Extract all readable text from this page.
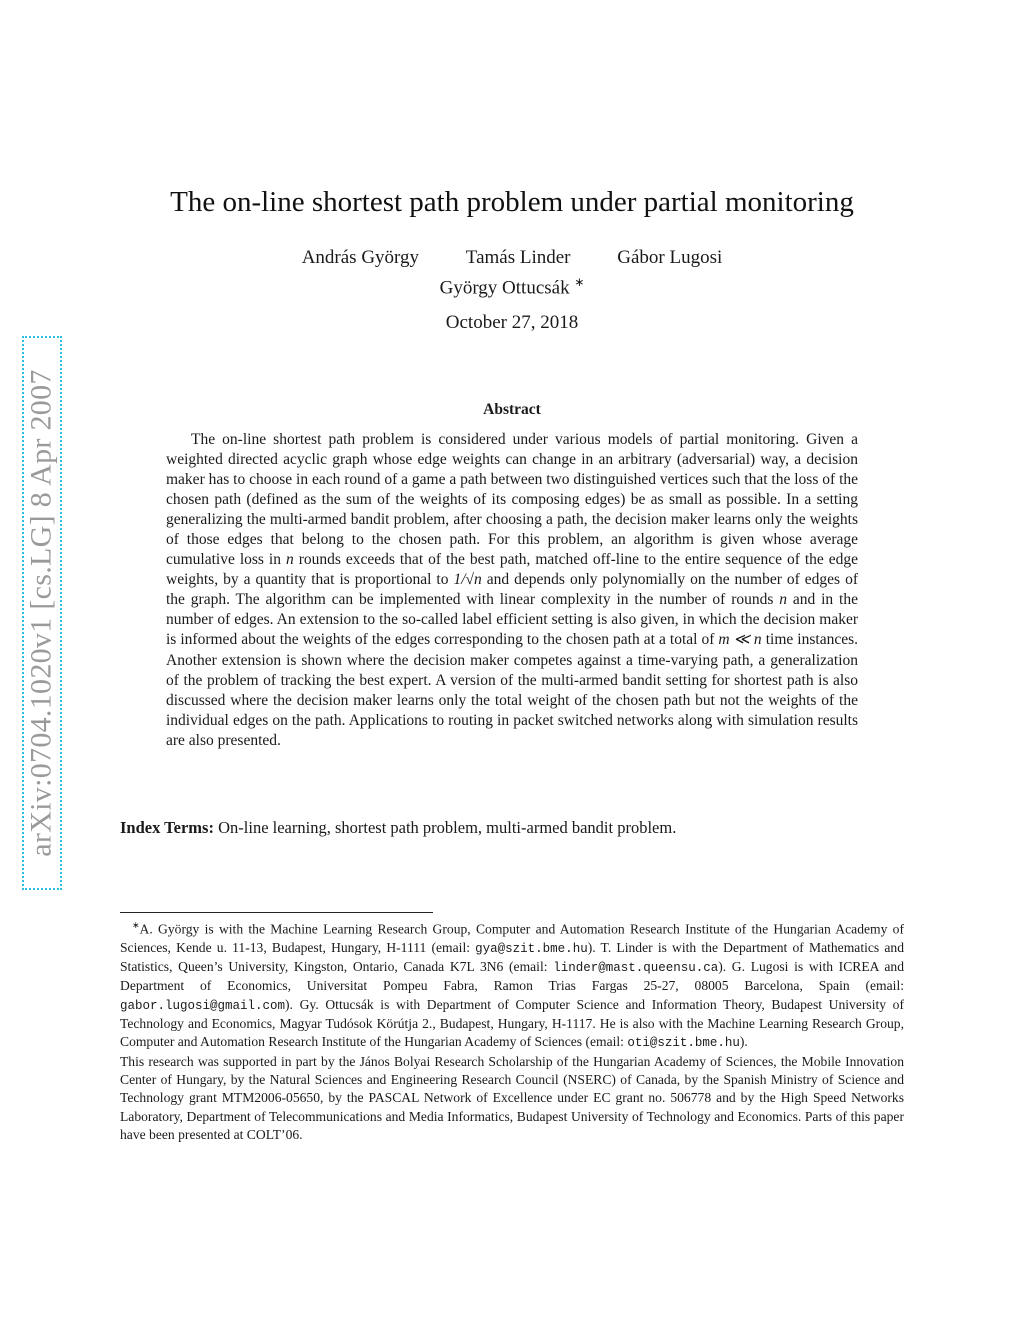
arXiv:0704.1020v1 [cs.LG] 8 Apr 2007
The on-line shortest path problem under partial monitoring
András György Tamás Linder Gábor Lugosi
György Ottucsák ∗
October 27, 2018
Abstract

The on-line shortest path problem is considered under various models of partial monitoring. Given a weighted directed acyclic graph whose edge weights can change in an arbitrary (adversarial) way, a decision maker has to choose in each round of a game a path between two distinguished vertices such that the loss of the chosen path (defined as the sum of the weights of its composing edges) be as small as possible. In a setting generalizing the multi-armed bandit problem, after choosing a path, the decision maker learns only the weights of those edges that belong to the chosen path. For this problem, an algorithm is given whose average cumulative loss in n rounds exceeds that of the best path, matched off-line to the entire sequence of the edge weights, by a quantity that is proportional to 1/√n and depends only polynomially on the number of edges of the graph. The algorithm can be implemented with linear complexity in the number of rounds n and in the number of edges. An extension to the so-called label efficient setting is also given, in which the decision maker is informed about the weights of the edges corresponding to the chosen path at a total of m ≪ n time instances. Another extension is shown where the decision maker competes against a time-varying path, a generalization of the problem of tracking the best expert. A version of the multi-armed bandit setting for shortest path is also discussed where the decision maker learns only the total weight of the chosen path but not the weights of the individual edges on the path. Applications to routing in packet switched networks along with simulation results are also presented.

Index Terms: On-line learning, shortest path problem, multi-armed bandit problem.

∗A. György is with the Machine Learning Research Group, Computer and Automation Research Institute of the Hungarian Academy of Sciences, Kende u. 11-13, Budapest, Hungary, H-1111 (email: gya@szit.bme.hu). T. Linder is with the Department of Mathematics and Statistics, Queen’s University, Kingston, Ontario, Canada K7L 3N6 (email: linder@mast.queensu.ca). G. Lugosi is with ICREA and Department of Economics, Universitat Pompeu Fabra, Ramon Trias Fargas 25-27, 08005 Barcelona, Spain (email: gabor.lugosi@gmail.com). Gy. Ottucsák is with Department of Computer Science and Information Theory, Budapest University of Technology and Economics, Magyar Tudósok Körútja 2., Budapest, Hungary, H-1117. He is also with the Machine Learning Research Group, Computer and Automation Research Institute of the Hungarian Academy of Sciences (email: oti@szit.bme.hu).

This research was supported in part by the János Bolyai Research Scholarship of the Hungarian Academy of Sciences, the Mobile Innovation Center of Hungary, by the Natural Sciences and Engineering Research Council (NSERC) of Canada, by the Spanish Ministry of Science and Technology grant MTM2006-05650, by the PASCAL Network of Excellence under EC grant no. 506778 and by the High Speed Networks Laboratory, Department of Telecommunications and Media Informatics, Budapest University of Technology and Economics. Parts of this paper have been presented at COLT’06.
